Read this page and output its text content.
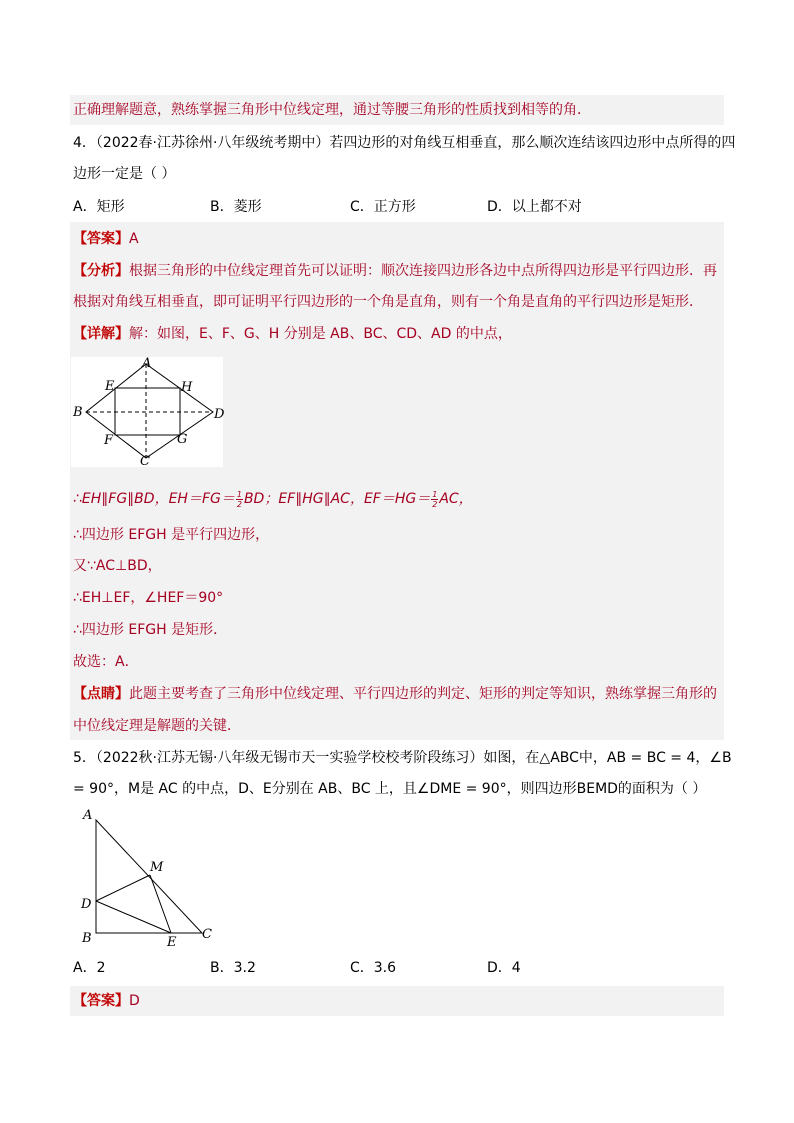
正确理解题意，熟练掌握三角形中位线定理，通过等腰三角形的性质找到相等的角．
4．（2022春·江苏徐州·八年级统考期中）若四边形的对角线互相垂直，那么顺次连结该四边形中点所得的四
边形一定是（ ）
A．矩形	B．菱形	C．正方形	D．以上都不对
【答案】A
【分析】根据三角形的中位线定理首先可以证明：顺次连接四边形各边中点所得四边形是平行四边形．再
根据对角线互相垂直，即可证明平行四边形的一个角是直角，则有一个角是直角的平行四边形是矩形．
【详解】解：如图，E、F、G、H 分别是 AB、BC、CD、AD 的中点，
A
B
C
D
E
F	G
H
∴EH∥FG∥BD，$EH=FG= \frac{1}{2}$ BD；EF∥HG∥AC，$EF=HG= \frac{1}{2}$ AC，
∴四边形 EFGH 是平行四边形，
又∵AC⊥BD，
∴EH⊥EF，∠HEF＝90°
∴四边形 EFGH 是矩形．
故选：A．
【点睛】此题主要考查了三角形中位线定理、平行四边形的判定、矩形的判定等知识，熟练掌握三角形的
中位线定理是解题的关键．
5．（2022秋·江苏无锡·八年级无锡市天一实验学校校考阶段练习）如图，在△ABC中，AB = BC = 4，∠B
= 90°，M是 AC 的中点，D、E分别在 AB、BC 上，且∠DME = 90°，则四边形BEMD的面积为（ ）
A
M
D
B	E
C
A．2	B．3.2	C．3.6	D．4
【答案】D
